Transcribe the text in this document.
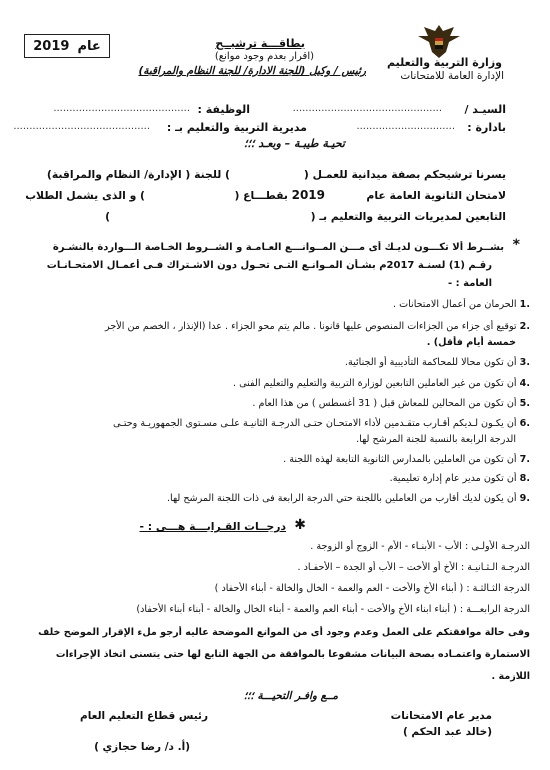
وزارة التربية والتعليم
الإدارة العامة للامتحانات
بطاقـــة ترشيــح
(اقرار بعدم وجود موانع)
رئيس / وكيل (للجنة الادارة/ للجنة النظام والمراقبة)
عام
2019
السيـد /
...............................................
الوظيفة :
...........................................
بادارة :
...............................
مديرية التربية والتعليم بـ :
...........................................
تحيـة طيبـة – وبعـد ؛؛؛
يسرنا ترشيحكم بصفة ميدانية للعمـل (
) للجنة ( الإدارة/ النظام والمراقبة)
لامتحان الثانوية العامة عام
2019
بقطـــاع (
) و الذى يشمل الطلاب
التابعين لمديريات التربية والتعليم بـ (
)
*
بشــرط ألا تكـــون لديـك أى مـــن المــوانـــع العـامـة و الشــروط الخـاصة الـــواردة بالنشـرة
رقـم (1) لسنـة 2017م بشـأن المـوانـع التـى تحـول دون الاشـتراك فـى أعمـال الامتحـانـات
العامة : -
.1 الحرمان من أعمال الامتحانات .
.2 توقيع أى جزاء من الجزاءات المنصوص عليها قانونا . مالم يتم محو الجزاء . عدا (الإنذار ، الخصم من الأجر
خمسة أيام فأقل) .
.3 أن تكون محالا للمحاكمة التأديبية أو الجنائية.
.4 أن تكون من غير العاملين التابعين لوزارة التربية والتعليم والتعليم الفنى .
.5 أن تكون من المحالين للمعاش قبل ( 31 أغسطس ) من هذا العام .
.6 أن يكـون لـديكم أقـارب متقـدمين لأداء الامتحـان حتـى الدرجـة الثانيـة علـى مسـتوى الجمهوريـة وحتـى
الدرجة الرابعة بالنسبة للجنة المرشح لها.
.7 أن تكون من العاملين بالمدارس الثانوية التابعة لهذه اللجنة .
.8 أن تكون مدير عام إدارة تعليمية.
.9 أن يكون لديك أقارب من العاملين باللجنة حتي الدرجة الرابعة فى ذات اللجنة المرشح لها.
✱
درجــات القـرابـــة هـــى : -
الدرجـة الأولـى : الأب - الأبنـاء - الأم - الزوج أو الزوجة .
الدرجـة الـثـانيـة : الأخ أو الأخت – الأب أو الجدة – الأحفـاد .
الدرجة الثـالثـة : ( أبناء الأخ والأخت - العم والعمة - الخال والخالة - أبناء الأحفاد )
الدرجة الرابعـــة : ( أبناء ابناء الأخ والأخت - أبناء العم والعمة - أبناء الخال والخالة - أبناء أبناء الأحفاد)
وفى حالة موافقتكم على العمل وعدم وجود أى من الموانع الموضحة عاليه أرجو ملء الإقرار الموضح خلف
الاستمارة واعتمـاده بصحة البيانات مشفوعا بالموافقة من الجهة التابع لها حتى يتسنى اتخاذ الإجراءات
اللازمة .
مــع وافـر التحيـــة ؛؛؛
مدير عام الامتحانات
(خالد عبد الحكم )
رئيس قطاع التعليم العام
(أ. د/ رضا حجازي )
